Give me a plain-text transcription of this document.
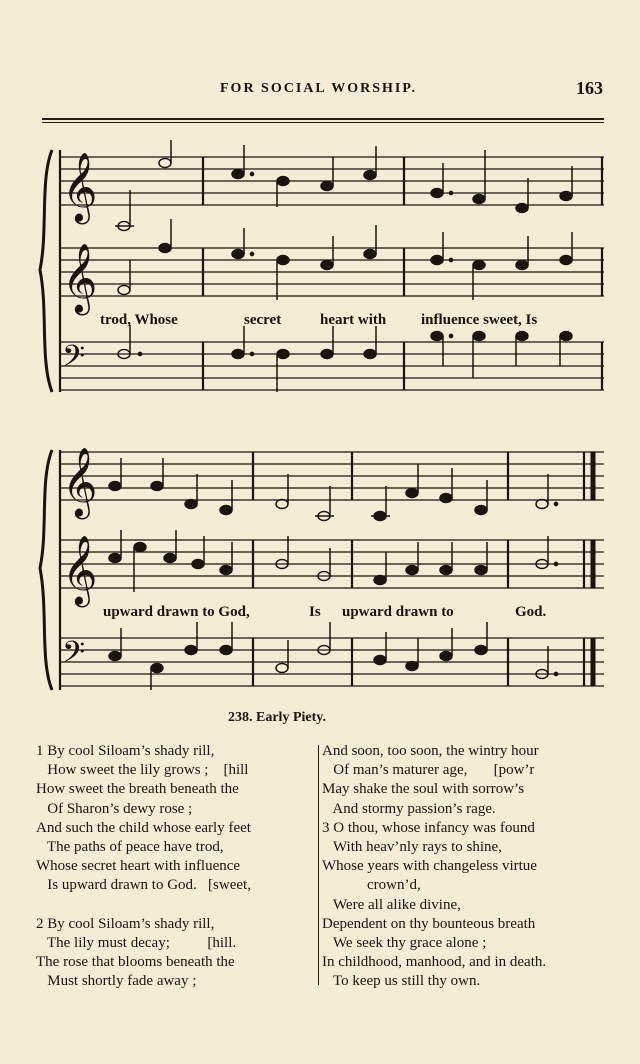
FOR SOCIAL WORSHIP.	163
𝄞
𝄞
𝄢
trod, Whose	secret	heart with influence sweet, Is
𝄞
𝄞
𝄢
upward drawn to God,	Is upward drawn to	God.
238. Early Piety.
1 By cool Siloam’s shady rill,
How sweet the lily grows ;    [hill
How sweet the breath beneath the
Of Sharon’s dewy rose ;
And such the child whose early feet
The paths of peace have trod,
Whose secret heart with influence
Is upward drawn to God.   [sweet,
2 By cool Siloam’s shady rill,
The lily must decay;          [hill.
The rose that blooms beneath the
Must shortly fade away ;
And soon, too soon, the wintry hour
Of man’s maturer age,       [pow’r
May shake the soul with sorrow’s
And stormy passion’s rage.
3 O thou, whose infancy was found
With heav’nly rays to shine,
Whose years with changeless virtue
crown’d,
Were all alike divine,
Dependent on thy bounteous breath
We seek thy grace alone ;
In childhood, manhood, and in death.
To keep us still thy own.
